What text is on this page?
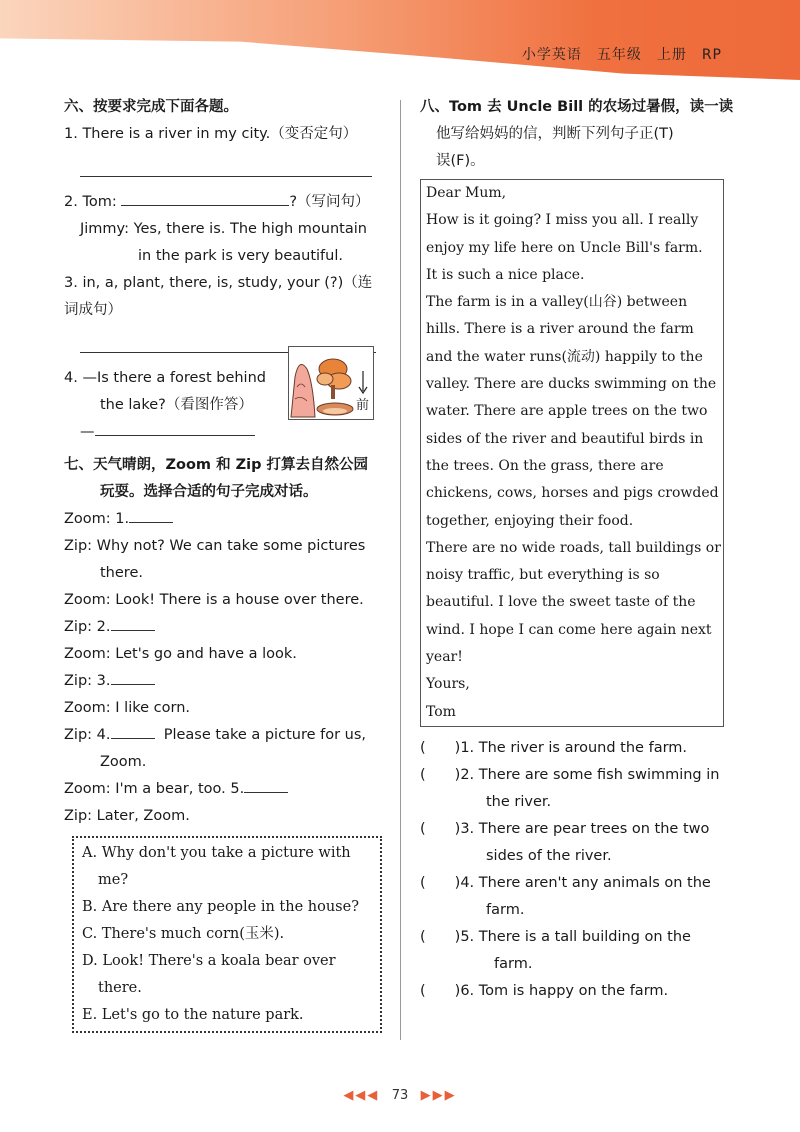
小学英语　五年级　上册　RP
六、按要求完成下面各题。
1. There is a river in my city.（变否定句）
2. Tom:	?（写问句）
Jimmy: Yes, there is. The high mountain
in the park is very beautiful.
3. in, a, plant, there, is, study, your (?)（连
词成句）
4. —Is there a forest behind
the lake?（看图作答）
—
前
七、天气晴朗，Zoom 和 Zip 打算去自然公园
玩耍。选择合适的句子完成对话。
Zoom: 1.
Zip: Why not? We can take some pictures
there.
Zoom: Look! There is a house over there.
Zip: 2.
Zoom: Let's go and have a look.
Zip: 3.
Zoom: I like corn.
Zip: 4.	Please take a picture for us,
Zoom.
Zoom: I'm a bear, too. 5.
Zip: Later, Zoom.
A. Why don't you take a picture with
me?
B. Are there any people in the house?
C. There's much corn(玉米).
D. Look! There's a koala bear over
there.
E. Let's go to the nature park.
八、Tom 去 Uncle Bill 的农场过暑假，读一读
他写给妈妈的信，判断下列句子正(T)
误(F)。
Dear Mum,
How is it going? I miss you all. I really
enjoy my life here on Uncle Bill's farm.
It is such a nice place.
The farm is in a valley(山谷) between
hills. There is a river around the farm
and the water runs(流动) happily to the
valley. There are ducks swimming on the
water. There are apple trees on the two
sides of the river and beautiful birds in
the trees. On the grass, there are
chickens, cows, horses and pigs crowded
together, enjoying their food.
There are no wide roads, tall buildings or
noisy traffic, but everything is so
beautiful. I love the sweet taste of the
wind. I hope I can come here again next
year!
Yours,
Tom
(　　)1. The river is around the farm.
(　　)2. There are some fish swimming in
the river.
(　　)3. There are pear trees on the two
sides of the river.
(　　)4. There aren't any animals on the
farm.
(　　)5. There is a tall building on the
farm.
(　　)6. Tom is happy on the farm.
◀◀◀ 73 ▶▶▶
